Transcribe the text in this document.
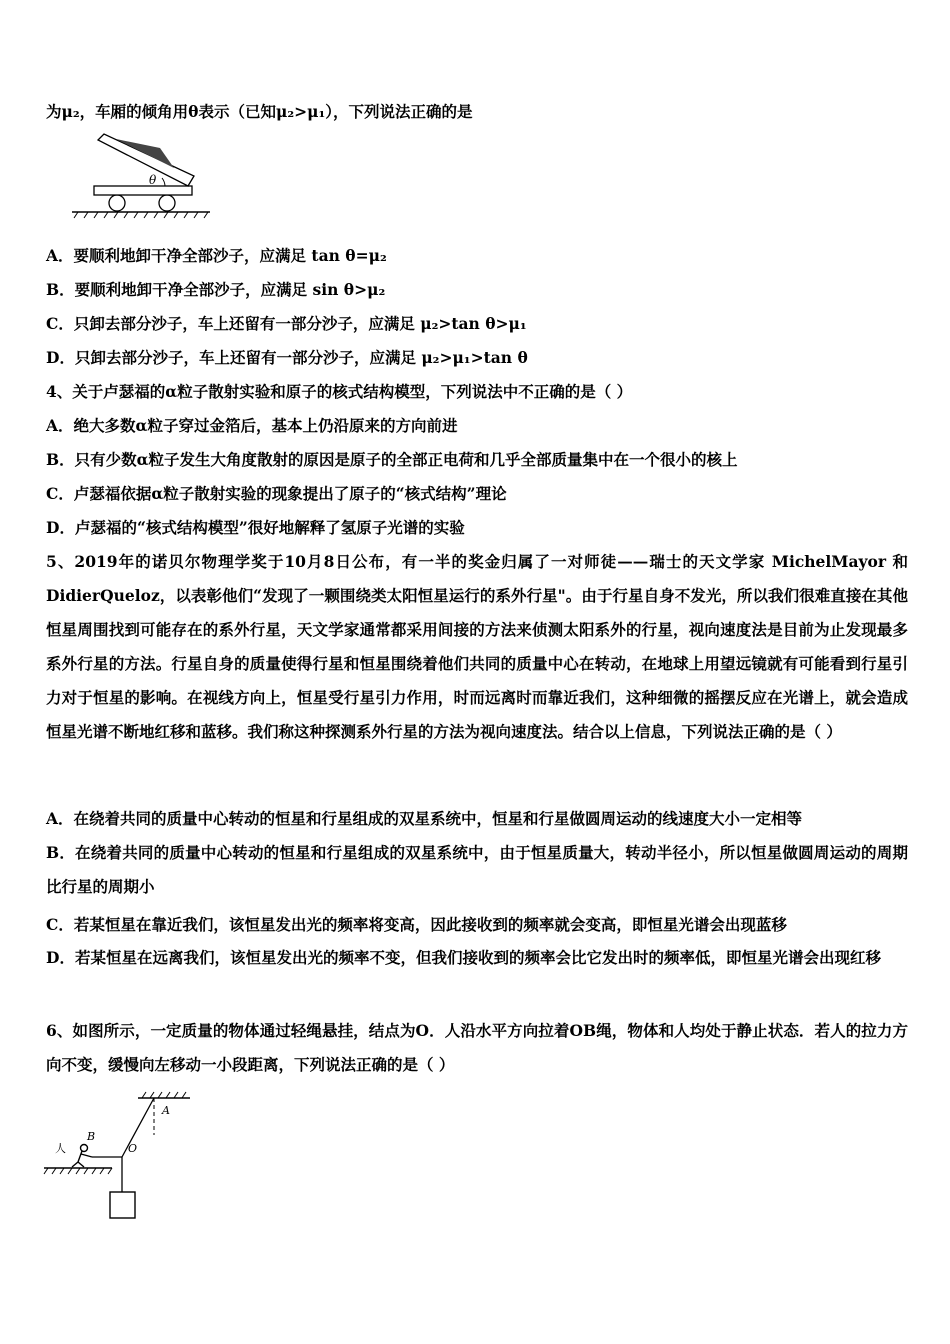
为μ₂，车厢的倾角用θ表示（已知μ₂>μ₁），下列说法正确的是
θ
A．要顺利地卸干净全部沙子，应满足 tan θ=μ₂
B．要顺利地卸干净全部沙子，应满足 sin θ>μ₂
C．只卸去部分沙子，车上还留有一部分沙子，应满足 μ₂>tan θ>μ₁
D．只卸去部分沙子，车上还留有一部分沙子，应满足 μ₂>μ₁>tan θ
4、关于卢瑟福的α粒子散射实验和原子的核式结构模型，下列说法中不正确的是（ ）
A．绝大多数α粒子穿过金箔后，基本上仍沿原来的方向前进
B．只有少数α粒子发生大角度散射的原因是原子的全部正电荷和几乎全部质量集中在一个很小的核上
C．卢瑟福依据α粒子散射实验的现象提出了原子的“核式结构”理论
D．卢瑟福的“核式结构模型”很好地解释了氢原子光谱的实验
5、2019年的诺贝尔物理学奖于10月8日公布，有一半的奖金归属了一对师徒——瑞士的天文学家 MichelMayor 和 DidierQueloz，以表彰他们“发现了一颗围绕类太阳恒星运行的系外行星"。由于行星自身不发光，所以我们很难直接在其他恒星周围找到可能存在的系外行星，天文学家通常都采用间接的方法来侦测太阳系外的行星，视向速度法是目前为止发现最多系外行星的方法。行星自身的质量使得行星和恒星围绕着他们共同的质量中心在转动，在地球上用望远镜就有可能看到行星引力对于恒星的影响。在视线方向上，恒星受行星引力作用，时而远离时而靠近我们，这种细微的摇摆反应在光谱上，就会造成恒星光谱不断地红移和蓝移。我们称这种探测系外行星的方法为视向速度法。结合以上信息，下列说法正确的是（ ）
A．在绕着共同的质量中心转动的恒星和行星组成的双星系统中，恒星和行星做圆周运动的线速度大小一定相等
B．在绕着共同的质量中心转动的恒星和行星组成的双星系统中，由于恒星质量大，转动半径小，所以恒星做圆周运动的周期比行星的周期小
C．若某恒星在靠近我们，该恒星发出光的频率将变高，因此接收到的频率就会变高，即恒星光谱会出现蓝移
D．若某恒星在远离我们，该恒星发出光的频率不变，但我们接收到的频率会比它发出时的频率低，即恒星光谱会出现红移
6、如图所示，一定质量的物体通过轻绳悬挂，结点为O．人沿水平方向拉着OB绳，物体和人均处于静止状态．若人的拉力方向不变，缓慢向左移动一小段距离，下列说法正确的是（ ）
人
B
O
A
